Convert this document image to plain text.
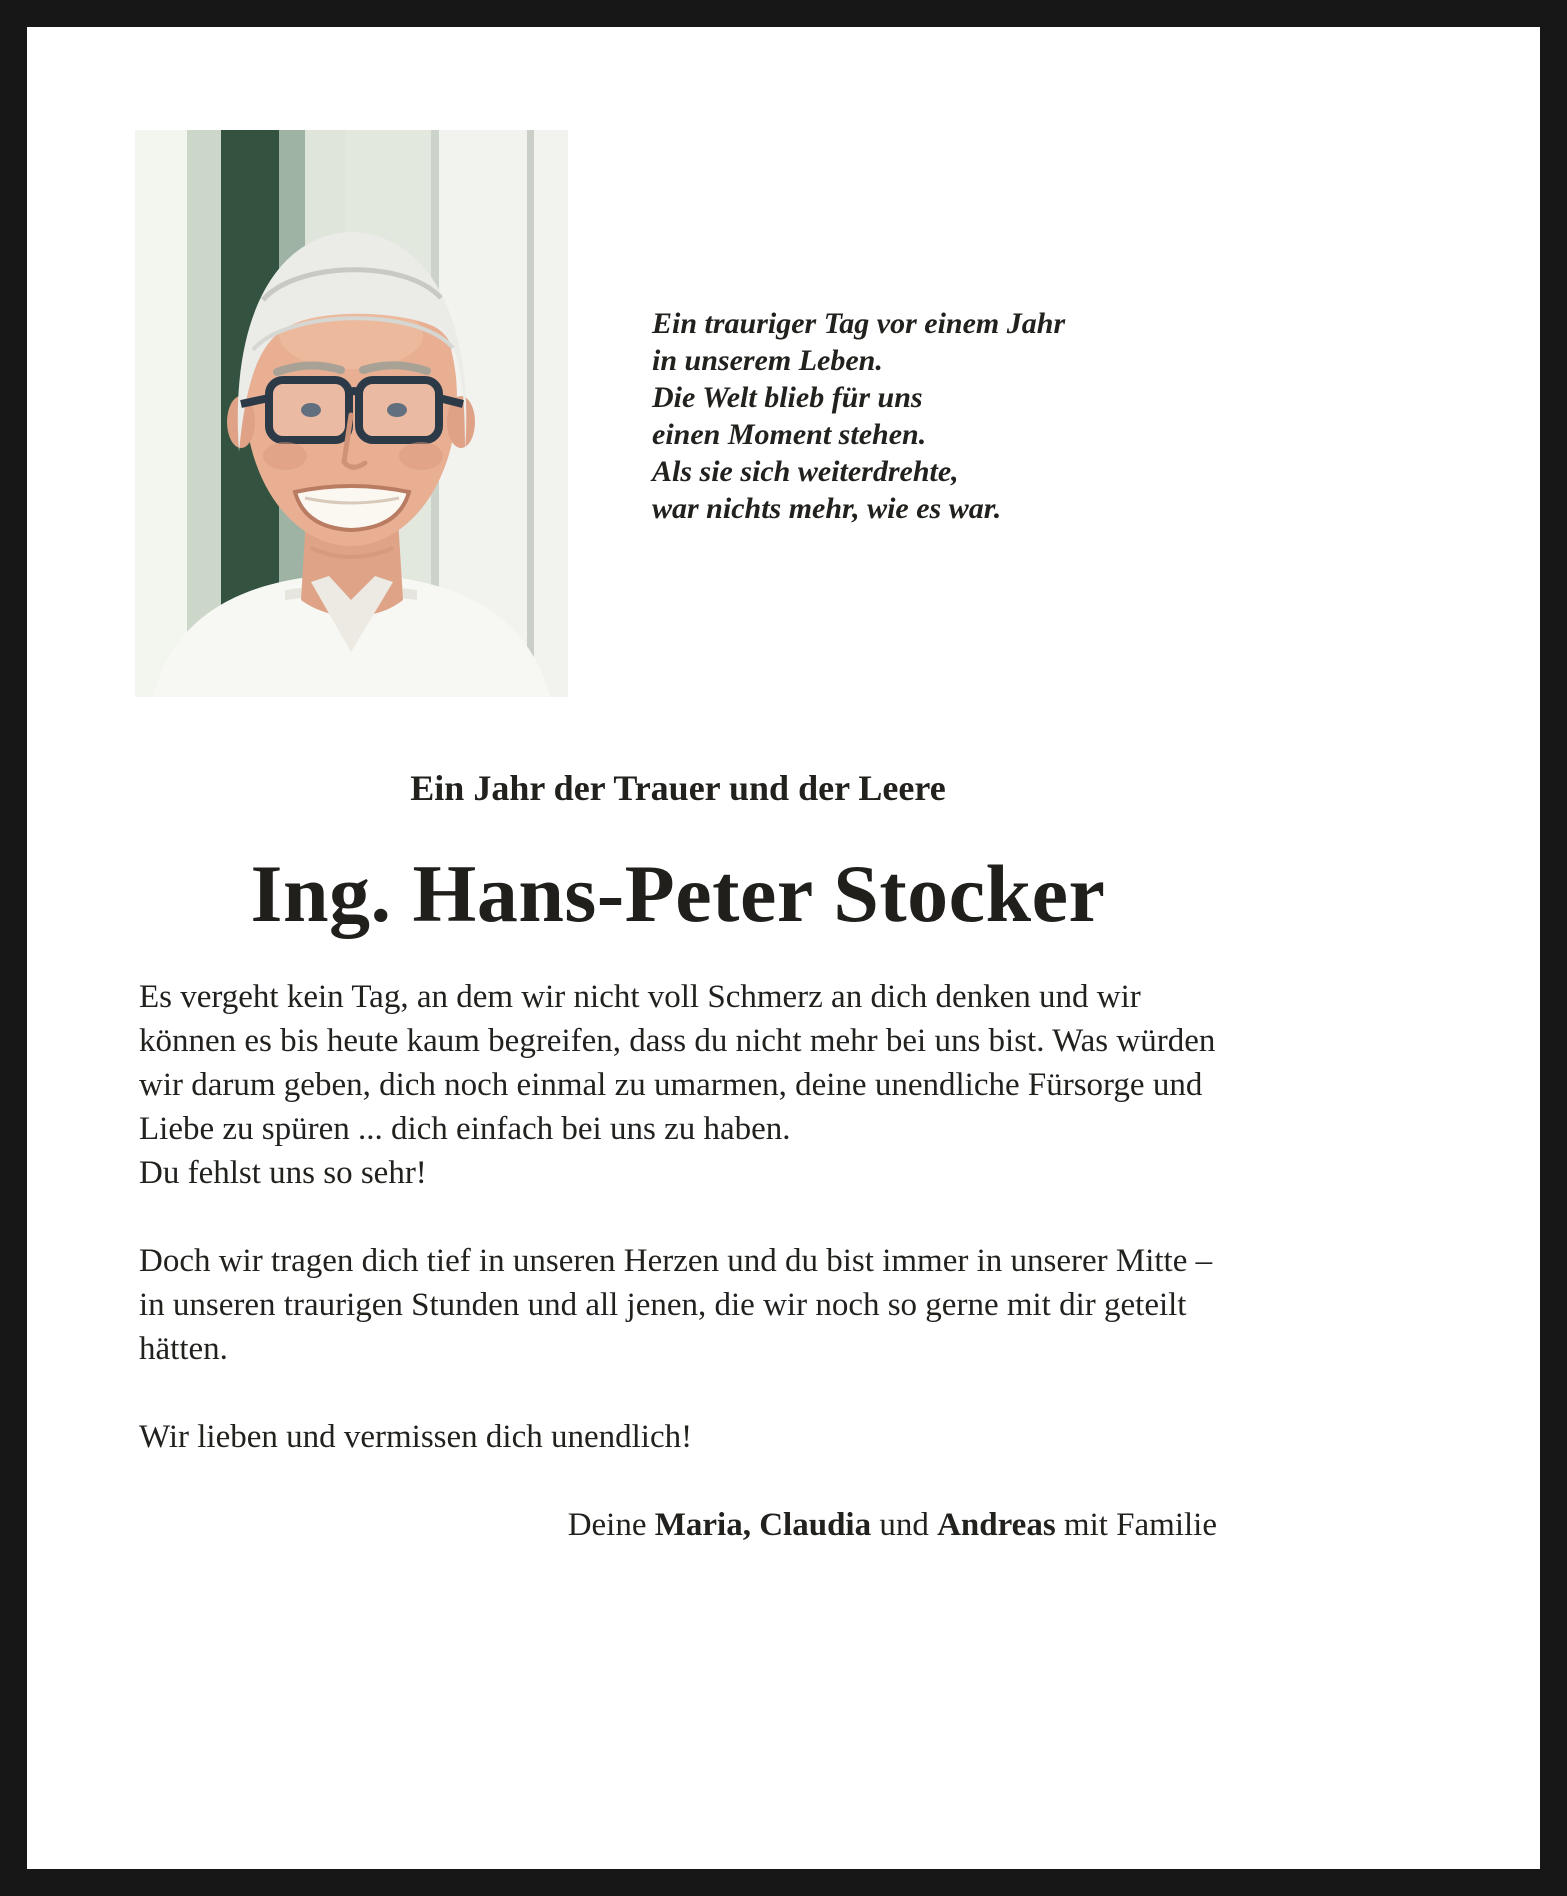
Ein trauriger Tag vor einem Jahr
in unserem Leben.
Die Welt blieb für uns
einen Moment stehen.
Als sie sich weiterdrehte,
war nichts mehr, wie es war.
Ein Jahr der Trauer und der Leere
Ing. Hans-Peter Stocker

Es vergeht kein Tag, an dem wir nicht voll Schmerz an dich denken und wir können es bis heute kaum begreifen, dass du nicht mehr bei uns bist. Was würden wir darum geben, dich noch einmal zu umarmen, deine unendliche Fürsorge und Liebe zu spüren ... dich einfach bei uns zu haben.

Du fehlst uns so sehr!

Doch wir tragen dich tief in unseren Herzen und du bist immer in unserer Mitte – in unseren traurigen Stunden und all jenen, die wir noch so gerne mit dir geteilt hätten.

Wir lieben und vermissen dich unendlich!

Deine Maria, Claudia und Andreas mit Familie
